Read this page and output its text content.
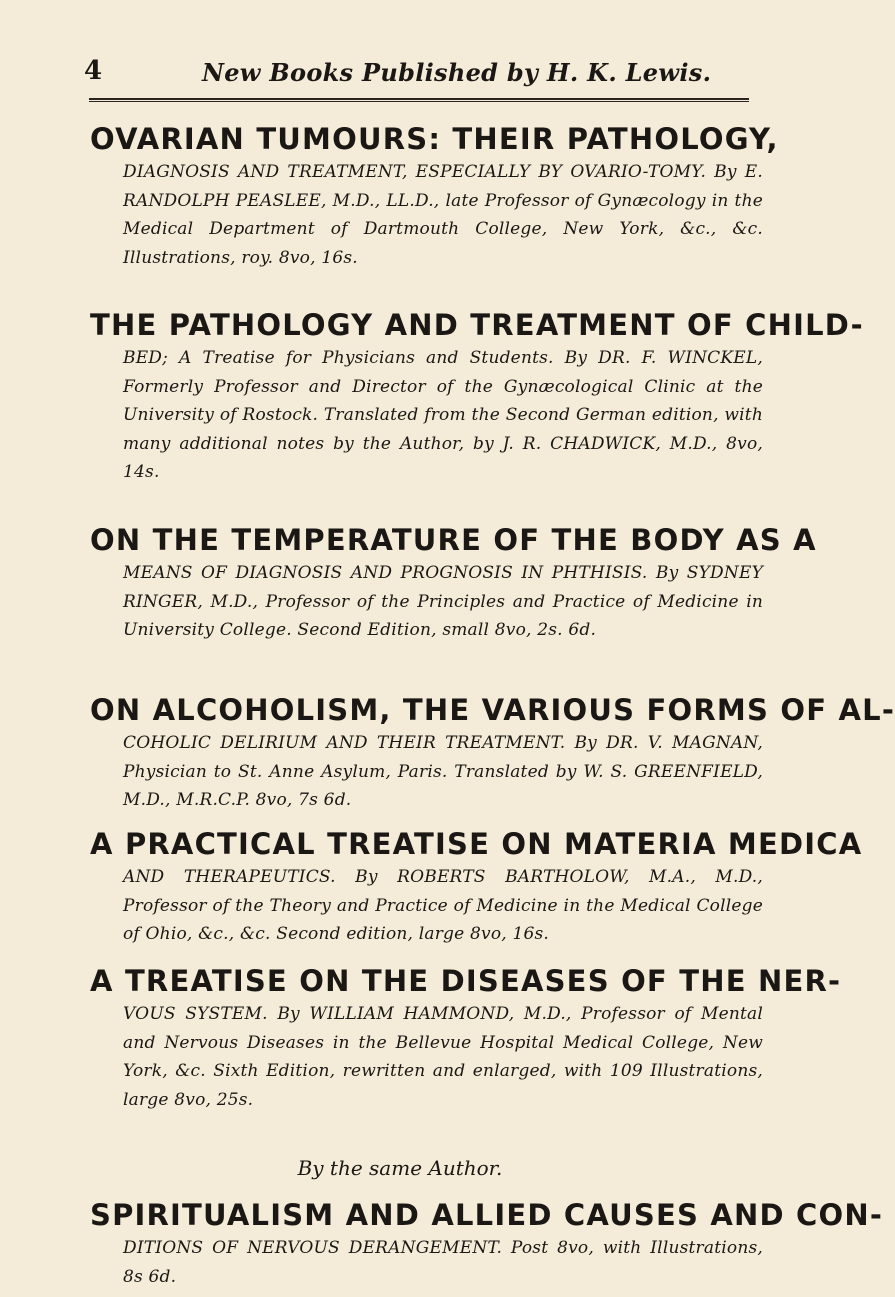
4	New Books Published by H. K. Lewis.
OVARIAN TUMOURS: THEIR PATHOLOGY,
DIAGNOSIS AND TREATMENT, ESPECIALLY BY OVARIO-TOMY. By E. RANDOLPH PEASLEE, M.D., LL.D., late Professor of Gynæcology in the Medical Department of Dartmouth College, New York, &c., &c. Illustrations, roy. 8vo, 16s.
THE PATHOLOGY AND TREATMENT OF CHILD-
BED; A Treatise for Physicians and Students. By DR. F. WINCKEL, Formerly Professor and Director of the Gynæcological Clinic at the University of Rostock. Translated from the Second German edition, with many additional notes by the Author, by J. R. CHADWICK, M.D., 8vo, 14s.
ON THE TEMPERATURE OF THE BODY AS A
MEANS OF DIAGNOSIS AND PROGNOSIS IN PHTHISIS. By SYDNEY RINGER, M.D., Professor of the Principles and Practice of Medicine in University College. Second Edition, small 8vo, 2s. 6d.
ON ALCOHOLISM, THE VARIOUS FORMS OF AL-
COHOLIC DELIRIUM AND THEIR TREATMENT. By DR. V. MAGNAN, Physician to St. Anne Asylum, Paris. Translated by W. S. GREENFIELD, M.D., M.R.C.P. 8vo, 7s 6d.
A PRACTICAL TREATISE ON MATERIA MEDICA
AND THERAPEUTICS. By ROBERTS BARTHOLOW, M.A., M.D., Professor of the Theory and Practice of Medicine in the Medical College of Ohio, &c., &c. Second edition, large 8vo, 16s.
A TREATISE ON THE DISEASES OF THE NER-
VOUS SYSTEM. By WILLIAM HAMMOND, M.D., Professor of Mental and Nervous Diseases in the Bellevue Hospital Medical College, New York, &c. Sixth Edition, rewritten and enlarged, with 109 Illustrations, large 8vo, 25s.
By the same Author.
SPIRITUALISM AND ALLIED CAUSES AND CON-
DITIONS OF NERVOUS DERANGEMENT. Post 8vo, with Illustrations, 8s 6d.
